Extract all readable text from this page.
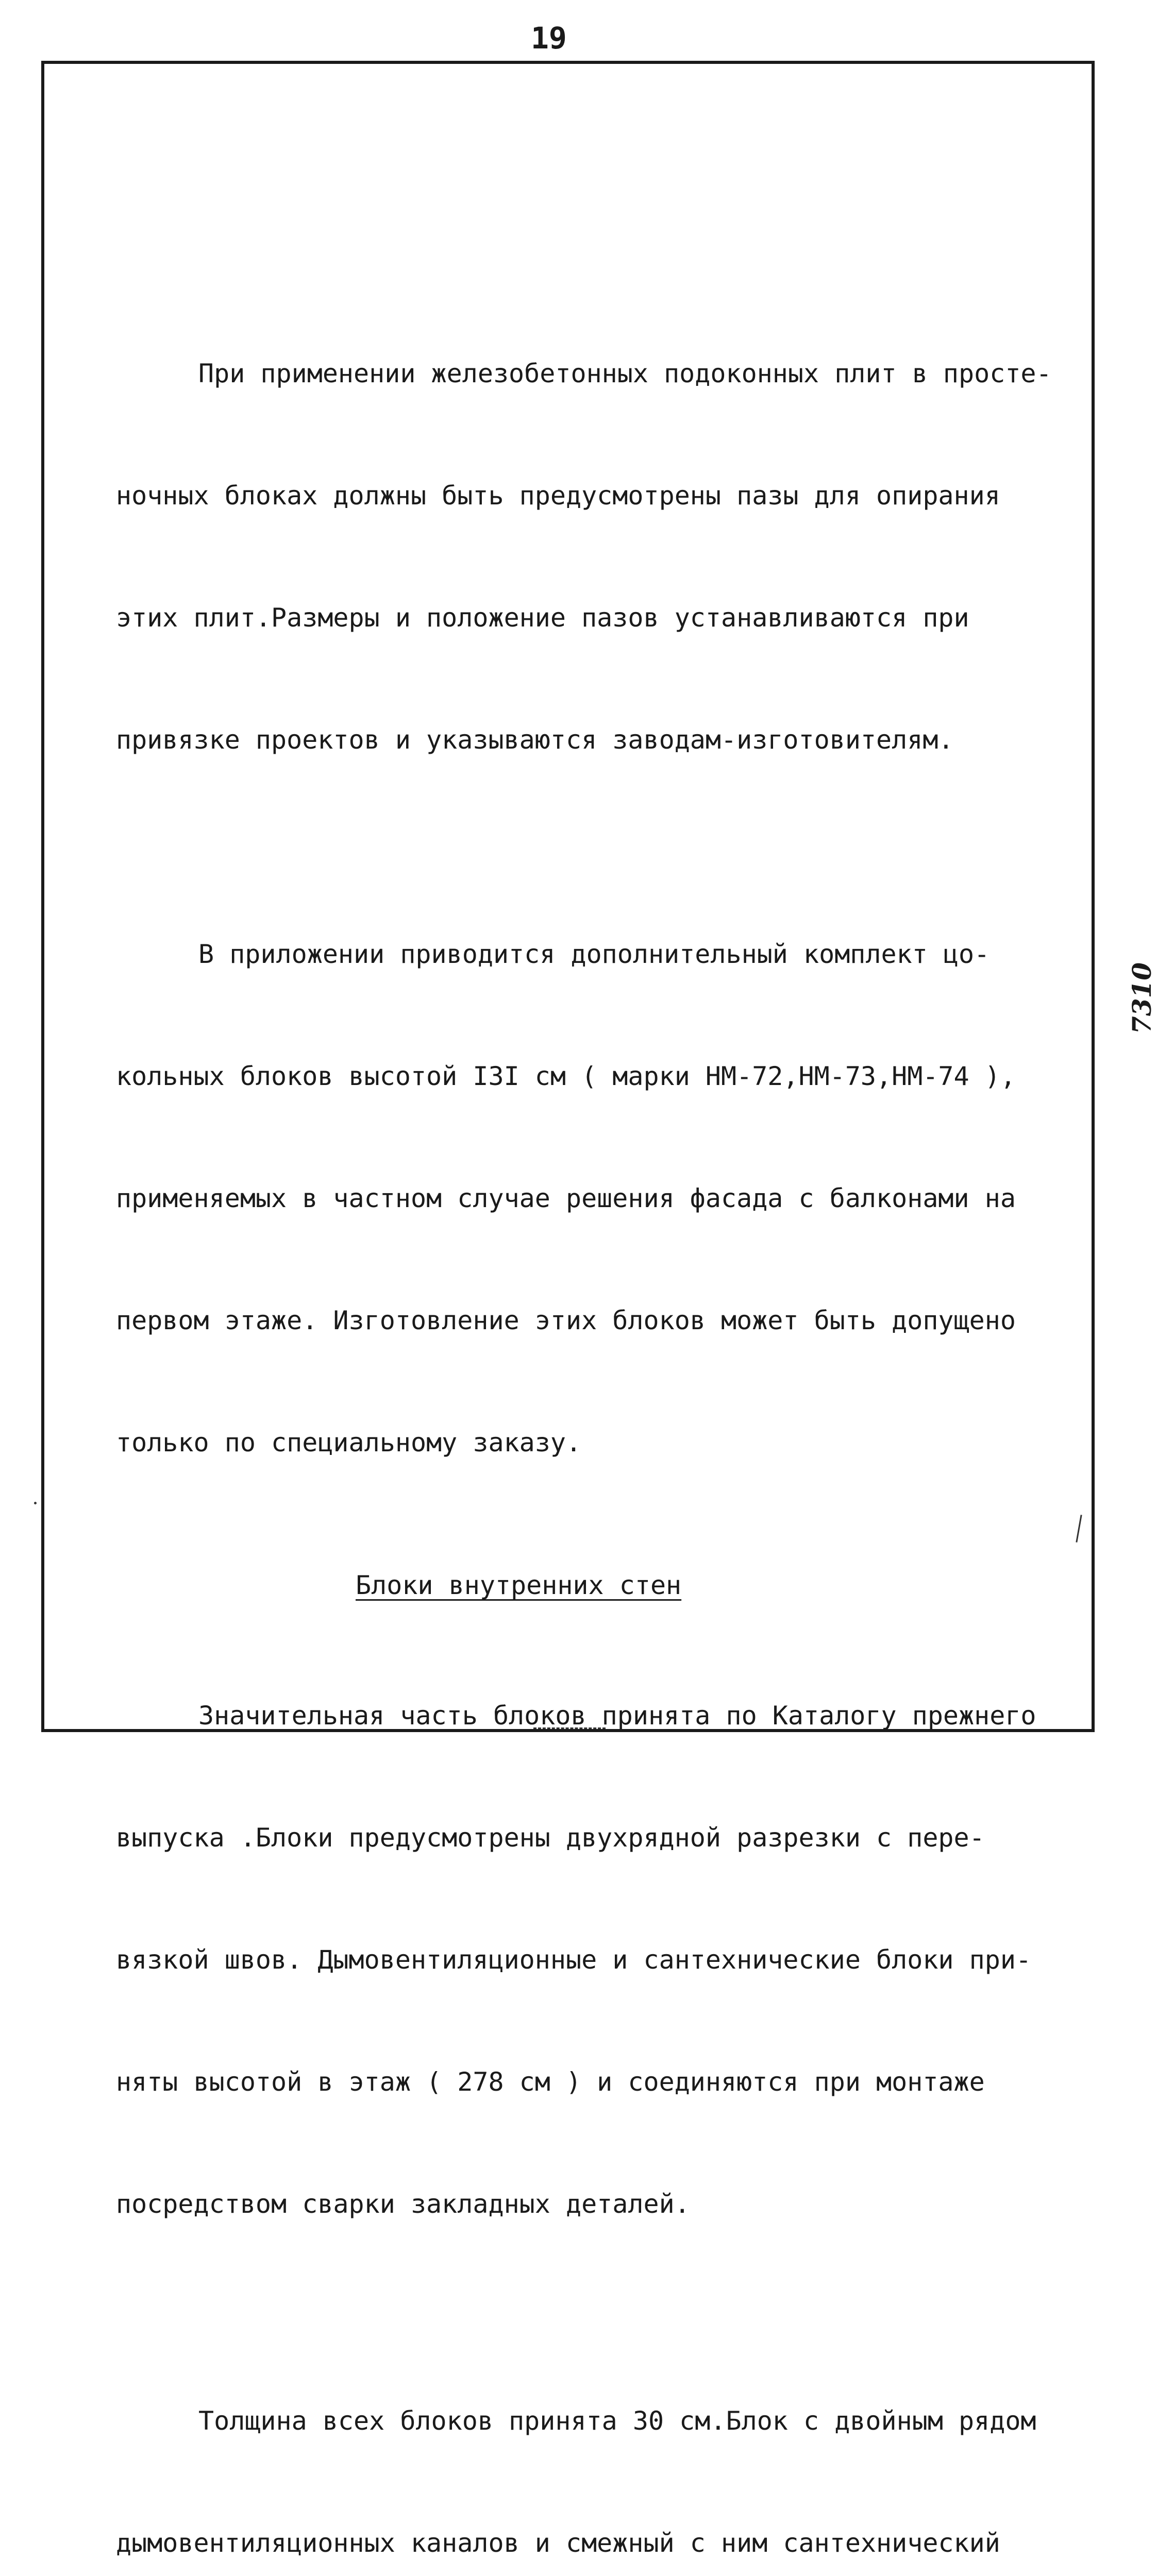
19
7310

При применении железобетонных подоконных плит в просте-

ночных блоках должны быть предусмотрены пазы для опирания

этих плит.Размеры и положение пазов устанавливаются при

привязке проектов и указываются заводам-изготовителям.

В приложении приводится дополнительный комплект цо-

кольных блоков высотой I3I см ( марки НМ-72,НМ-73,НМ-74 ),

применяемых в частном случае решения фасада с балконами на

первом этаже. Изготовление этих блоков может быть допущено

только по специальному заказу.

Блоки внутренних стен

Значительная часть блоков принята по Каталогу прежнего

выпуска .Блоки предусмотрены двухрядной разрезки с пере-

вязкой швов. Дымовентиляционные и сантехнические блоки при-

няты высотой в этаж ( 278 см ) и соединяются при монтаже

посредством сварки закладных деталей.

Толщина всех блоков принята 30 см.Блок с двойным рядом

дымовентиляционных каналов и смежный с ним сантехнический
